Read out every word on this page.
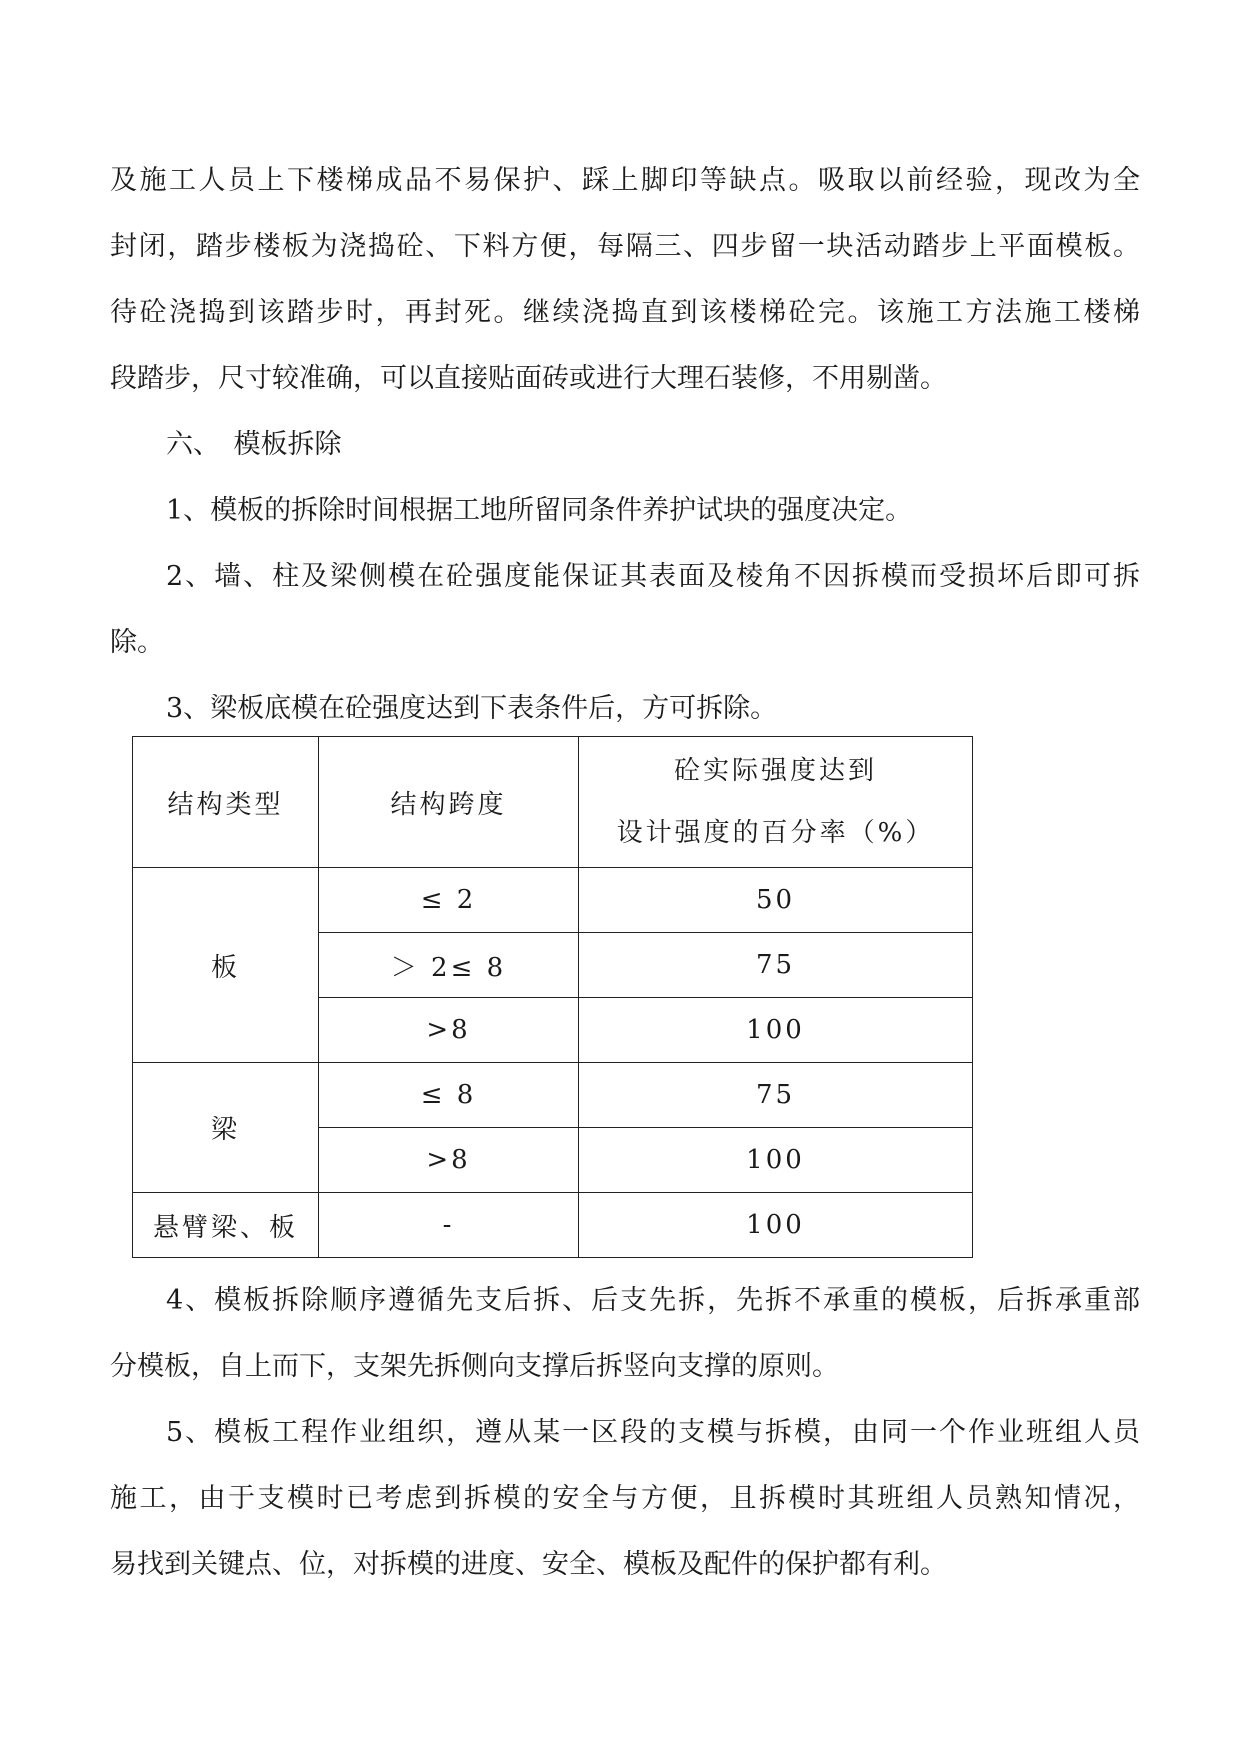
及施工人员上下楼梯成品不易保护、踩上脚印等缺点。吸取以前经验，现改为全
封闭，踏步楼板为浇捣砼、下料方便，每隔三、四步留一块活动踏步上平面模板。
待砼浇捣到该踏步时，再封死。继续浇捣直到该楼梯砼完。该施工方法施工楼梯
段踏步，尺寸较准确，可以直接贴面砖或进行大理石装修，不用剔凿。
六、　模板拆除
1、模板的拆除时间根据工地所留同条件养护试块的强度决定。
2、墙、柱及梁侧模在砼强度能保证其表面及棱角不因拆模而受损坏后即可拆
除。
3、梁板底模在砼强度达到下表条件后，方可拆除。
结构类型	结构跨度	砼实际强度达到
设计强度的百分率（%）

板	≤ 2	50
	＞ 2≤ 8	75
	>8	100
梁	≤ 8	75
	>8	100
悬臂梁、板	-	100
4、模板拆除顺序遵循先支后拆、后支先拆，先拆不承重的模板，后拆承重部
分模板，自上而下，支架先拆侧向支撑后拆竖向支撑的原则。
5、模板工程作业组织，遵从某一区段的支模与拆模，由同一个作业班组人员
施工，由于支模时已考虑到拆模的安全与方便，且拆模时其班组人员熟知情况，
易找到关键点、位，对拆模的进度、安全、模板及配件的保护都有利。
